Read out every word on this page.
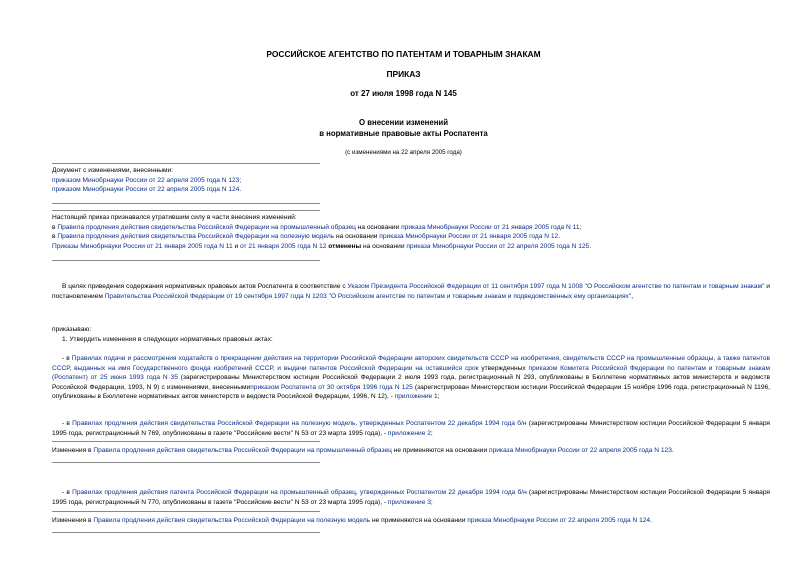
РОССИЙСКОЕ АГЕНТСТВО ПО ПАТЕНТАМ И ТОВАРНЫМ ЗНАКАМ
ПРИКАЗ
от 27 июля 1998 года N 145
О внесении изменений
в нормативные правовые акты Роспатента
(с изменениями на 22 апреля 2005 года)
Документ с изменениями, внесенными:
приказом Минобрнауки России от 22 апреля 2005 года N 123;
приказом Минобрнауки России от 22 апреля 2005 года N 124.
Настоящий приказ признавался утратившим силу в части внесения изменений:
в Правила продления действия свидетельства Российской Федерации на промышленный образец на основании приказа Минобрнауки России от 21 января 2005 года N 11;
в Правила продления действия свидетельства Российской Федерации на полезную модель на основании приказа Минобрнауки России от 21 января 2005 года N 12.
Приказы Минобрнауки России от 21 января 2005 года N 11 и от 21 января 2005 года N 12 отменены на основании приказа Минобрнауки России от 22 апреля 2005 года N 125.
В целях приведения содержания нормативных правовых актов Роспатента в соответствие с Указом Президента Российской Федерации от 11 сентября 1997 года N 1008 "О Российском агентстве по патентам и товарным знакам" и постановлением Правительства Российской Федерации от 19 сентября 1997 года N 1203 "О Российском агентстве по патентам и товарным знакам и подведомственных ему организациях",
приказываю:
1. Утвердить изменения в следующих нормативных правовых актах:
- в Правилах подачи и рассмотрения ходатайств о прекращении действия на территории Российской Федерации авторских свидетельств СССР на изобретения, свидетельств СССР на промышленные образцы, а также патентов СССР, выданных на имя Государственного фонда изобретений СССР, и выдачи патентов Российской Федерации на оставшийся срок утвержденных приказом Комитета Российской Федерации по патентам и товарным знакам (Роспатент) от 25 июня 1993 года N 35 (зарегистрированы Министерством юстиции Российской Федерации 2 июля 1993 года, регистрационный N 293, опубликованы в Бюллетене нормативных актов министерств и ведомств Российской Федерации, 1993, N 9) с изменениями, внесеннымиприказом Роспатента от 30 октября 1996 года N 125 (зарегистрирован Министерством юстиции Российской Федерации 15 ноября 1996 года, регистрационный N 1196, опубликованы в Бюллетене нормативных актов министерств и ведомств Российской Федерации, 1996, N 12), - приложение 1;
- в Правилах продления действия свидетельства Российской Федерации на полезную модель, утвержденных Роспатентом 22 декабря 1994 года б/н (зарегистрированы Министерством юстиции Российской Федерации 5 января 1995 года, регистрационный N 769, опубликованы в газете "Российские вести" N 53 от 23 марта 1995 года), - приложение 2;
Изменения в Правила продления действия свидетельства Российской Федерации на промышленный образец не применяются на основании приказа Минобрнауки России от 22 апреля 2005 года N 123.
- в Правилах продления действия патента Российской Федерации на промышленный образец, утвержденных Роспатентом 22 декабря 1994 года б/н (зарегистрированы Министерством юстиции Российской Федерации 5 января 1995 года, регистрационный N 770, опубликованы в газете "Российские вести" N 53 от 23 марта 1995 года), - приложение 3;
Изменения в Правила продления действия свидетельства Российской Федерации на полезную модель не применяются на основании приказа Минобрнауки России от 22 апреля 2005 года N 124.
